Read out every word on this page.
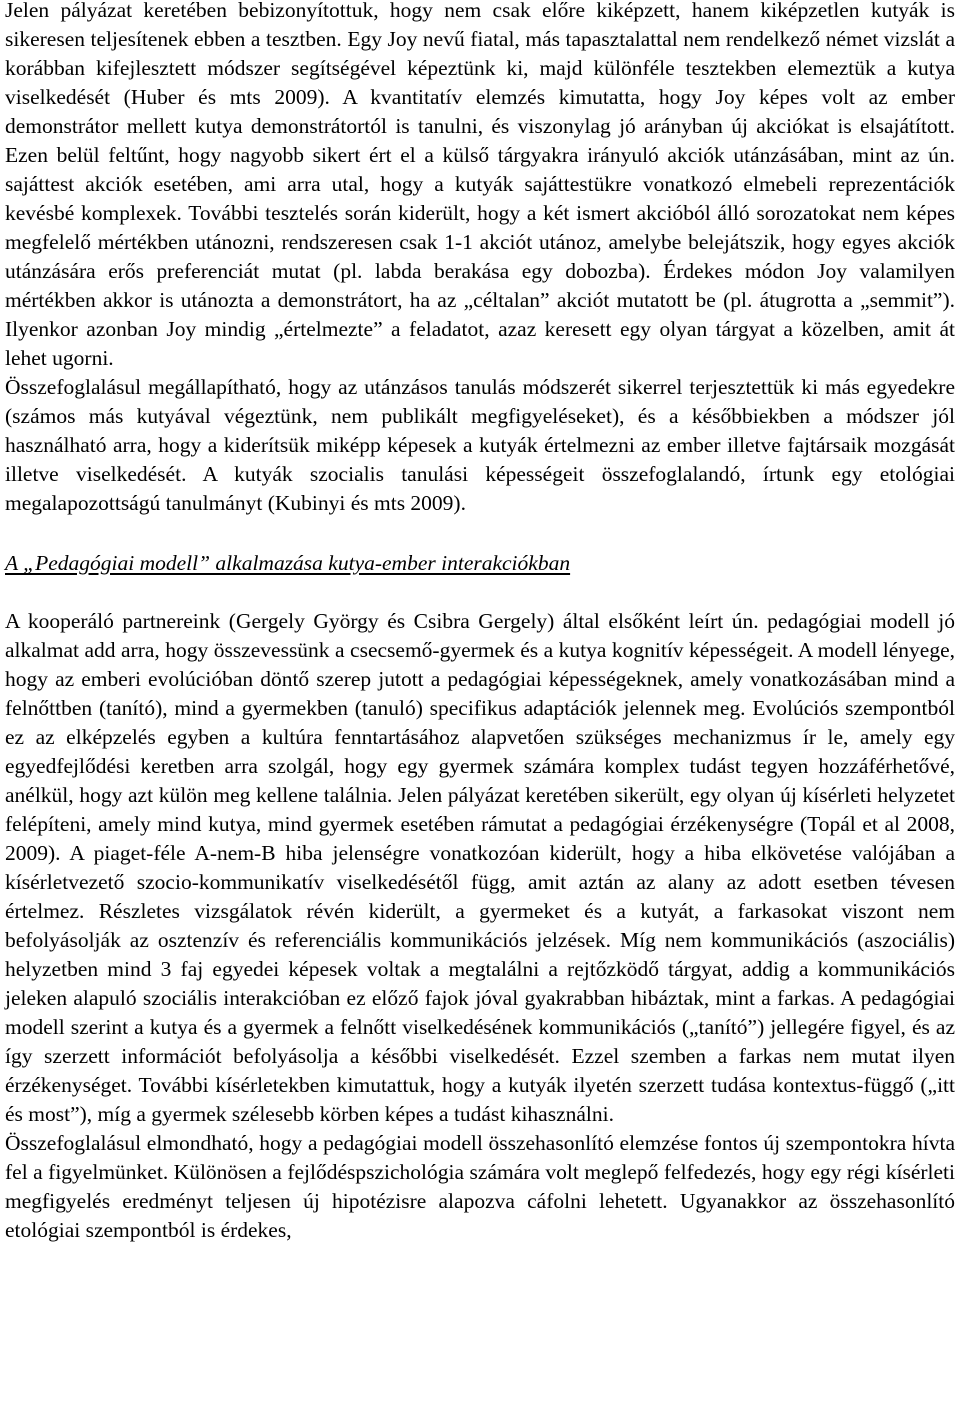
Jelen pályázat keretében bebizonyítottuk, hogy nem csak előre kiképzett, hanem kiképzetlen kutyák is sikeresen teljesítenek ebben a tesztben. Egy Joy nevű fiatal, más tapasztalattal nem rendelkező német vizslát a korábban kifejlesztett módszer segítségével képeztünk ki, majd különféle tesztekben elemeztük a kutya viselkedését (Huber és mts 2009). A kvantitatív elemzés kimutatta, hogy Joy képes volt az ember demonstrátor mellett kutya demonstrátortól is tanulni, és viszonylag jó arányban új akciókat is elsajátított. Ezen belül feltűnt, hogy nagyobb sikert ért el a külső tárgyakra irányuló akciók utánzásában, mint az ún. sajáttest akciók esetében, ami arra utal, hogy a kutyák sajáttestükre vonatkozó elmebeli reprezentációk kevésbé komplexek. További tesztelés során kiderült, hogy a két ismert akcióból álló sorozatokat nem képes megfelelő mértékben utánozni, rendszeresen csak 1-1 akciót utánoz, amelybe belejátszik, hogy egyes akciók utánzására erős preferenciát mutat (pl. labda berakása egy dobozba). Érdekes módon Joy valamilyen mértékben akkor is utánozta a demonstrátort, ha az „céltalan” akciót mutatott be (pl. átugrotta a „semmit”). Ilyenkor azonban Joy mindig „értelmezte” a feladatot, azaz keresett egy olyan tárgyat a közelben, amit át lehet ugorni.

Összefoglalásul megállapítható, hogy az utánzásos tanulás módszerét sikerrel terjesztettük ki más egyedekre (számos más kutyával végeztünk, nem publikált megfigyeléseket), és a későbbiekben a módszer jól használható arra, hogy a kiderítsük miképp képesek a kutyák értelmezni az ember illetve fajtársaik mozgását illetve viselkedését. A kutyák szocialis tanulási képességeit összefoglalandó, írtunk egy etológiai megalapozottságú tanulmányt (Kubinyi és mts 2009).

A „Pedagógiai modell” alkalmazása kutya-ember interakciókban

A kooperáló partnereink (Gergely György és Csibra Gergely) által elsőként leírt ún. pedagógiai modell jó alkalmat add arra, hogy összevessünk a csecsemő-gyermek és a kutya kognitív képességeit. A modell lényege, hogy az emberi evolúcióban döntő szerep jutott a pedagógiai képességeknek, amely vonatkozásában mind a felnőttben (tanító), mind a gyermekben (tanuló) specifikus adaptációk jelennek meg. Evolúciós szempontból ez az elképzelés egyben a kultúra fenntartásához alapvetően szükséges mechanizmus ír le, amely egy egyedfejlődési keretben arra szolgál, hogy egy gyermek számára komplex tudást tegyen hozzáférhetővé, anélkül, hogy azt külön meg kellene találnia. Jelen pályázat keretében sikerült, egy olyan új kísérleti helyzetet felépíteni, amely mind kutya, mind gyermek esetében rámutat a pedagógiai érzékenységre (Topál et al 2008, 2009). A piaget-féle A-nem-B hiba jelenségre vonatkozóan kiderült, hogy a hiba elkövetése valójában a kísérletvezető szocio-kommunikatív viselkedésétől függ, amit aztán az alany az adott esetben tévesen értelmez. Részletes vizsgálatok révén kiderült, a gyermeket és a kutyát, a farkasokat viszont nem befolyásolják az osztenzív és referenciális kommunikációs jelzések. Míg nem kommunikációs (aszociális) helyzetben mind 3 faj egyedei képesek voltak a megtalálni a rejtőzködő tárgyat, addig a kommunikációs jeleken alapuló szociális interakcióban ez előző fajok jóval gyakrabban hibáztak, mint a farkas. A pedagógiai modell szerint a kutya és a gyermek a felnőtt viselkedésének kommunikációs („tanító”) jellegére figyel, és az így szerzett információt befolyásolja a későbbi viselkedését. Ezzel szemben a farkas nem mutat ilyen érzékenységet. További kísérletekben kimutattuk, hogy a kutyák ilyetén szerzett tudása kontextus-függő („itt és most”), míg a gyermek szélesebb körben képes a tudást kihasználni.

Összefoglalásul elmondható, hogy a pedagógiai modell összehasonlító elemzése fontos új szempontokra hívta fel a figyelmünket. Különösen a fejlődéspszichológia számára volt meglepő felfedezés, hogy egy régi kísérleti megfigyelés eredményt teljesen új hipotézisre alapozva cáfolni lehetett. Ugyanakkor az összehasonlító etológiai szempontból is érdekes,
